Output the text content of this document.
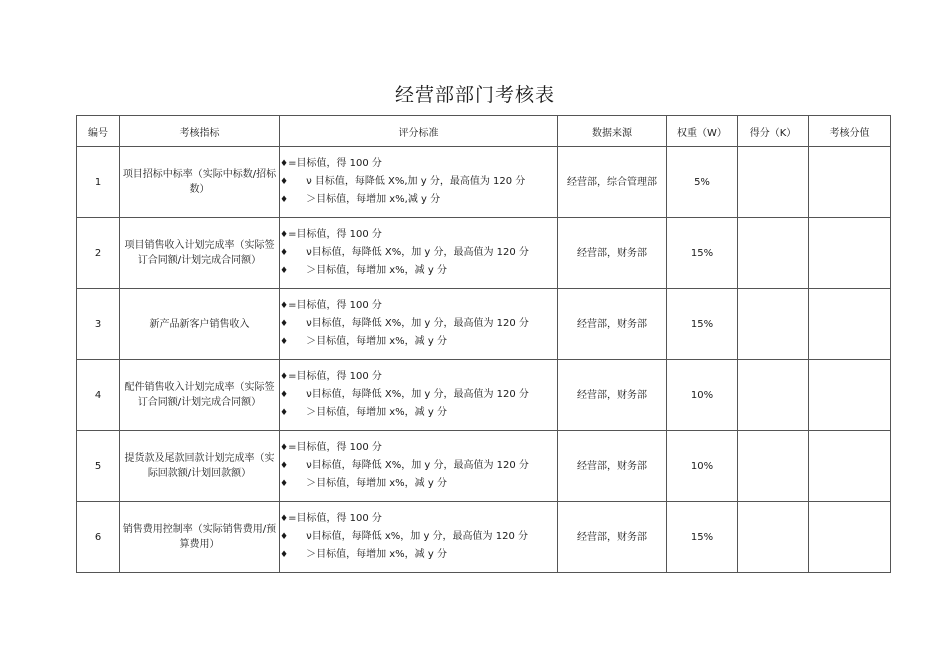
经营部部门考核表
编号	考核指标	评分标准	数据来源	权重（W）	得分（K）	考核分值
1	项目招标中标率（实际中标数/招标数）	♦=目标值，得 100 分
♦ ν 目标值，每降低 X%,加 y 分，最高值为 120 分
♦ ＞目标值，每增加 x%,减 y 分	经营部，综合管理部	5%		
2	项目销售收入计划完成率（实际签订合同额/计划完成合同额）	♦=目标值，得 100 分
♦ ν目标值，每降低 X%，加 y 分，最高值为 120 分
♦ ＞目标值，每增加 x%，减 y 分	经营部，财务部	15%		
3	新产品新客户销售收入	♦=目标值，得 100 分
♦ ν目标值，每降低 X%，加 y 分，最高值为 120 分
♦ ＞目标值，每增加 x%，减 y 分	经营部，财务部	15%		
4	配件销售收入计划完成率（实际签订合同额/计划完成合同额）	♦=目标值，得 100 分
♦ ν目标值，每降低 X%，加 y 分，最高值为 120 分
♦ ＞目标值，每增加 x%，减 y 分	经营部，财务部	10%		
5	提货款及尾款回款计划完成率（实际回款额/计划回款额）	♦=目标值，得 100 分
♦ ν目标值，每降低 X%，加 y 分，最高值为 120 分
♦ ＞目标值，每增加 x%，减 y 分	经营部，财务部	10%		
6	销售费用控制率（实际销售费用/预算费用）	♦=目标值，得 100 分
♦ ν目标值，每降低 x%，加 y 分，最高值为 120 分
♦ ＞目标值，每增加 x%，减 y 分	经营部，财务部	15%		
